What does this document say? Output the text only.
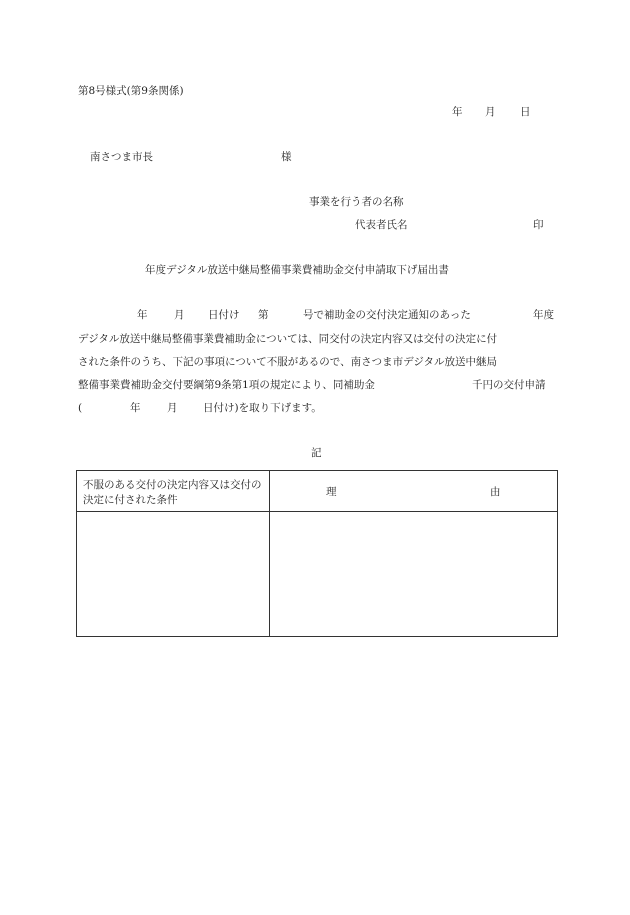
第8号様式(第9条関係)
年 月 日
南さつま市長	様
事業を行う者の名称
代表者氏名	印
年度デジタル放送中継局整備事業費補助金交付申請取下げ届出書
年	月 日付け 第	号で補助金の交付決定通知のあった	年度
デジタル放送中継局整備事業費補助金については、同交付の決定内容又は交付の決定に付
された条件のうち、下記の事項について不服があるので、南さつま市デジタル放送中継局
整備事業費補助金交付要綱第9条第1項の規定により、同補助金	千円の交付申請
(	年	月 日付け)を取り下げます。
記
不服のある交付の決定内容又は交付の決定に付された条件	理 由
